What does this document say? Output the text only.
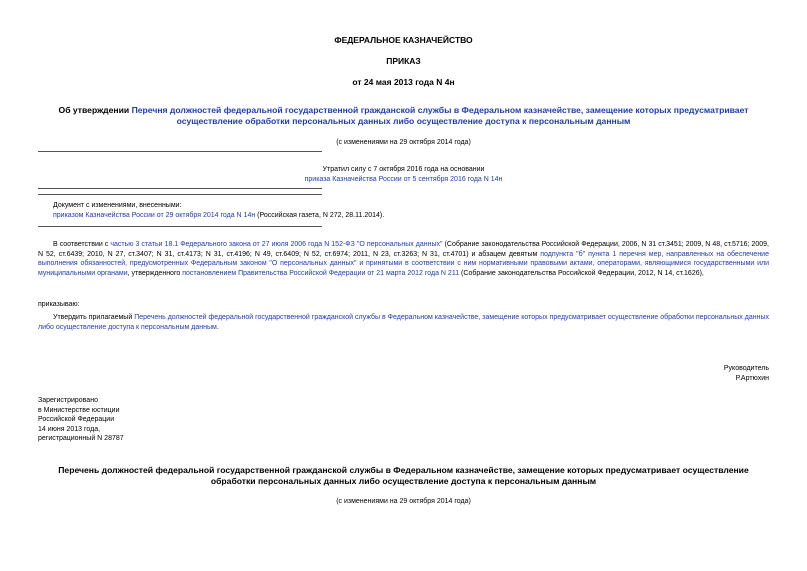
ФЕДЕРАЛЬНОЕ КАЗНАЧЕЙСТВО
ПРИКАЗ
от 24 мая 2013 года N 4н
Об утверждении Перечня должностей федеральной государственной гражданской службы в Федеральном казначействе, замещение которых предусматривает осуществление обработки персональных данных либо осуществление доступа к персональным данным
(с изменениями на 29 октября 2014 года)
Утратил силу с 7 октября 2016 года на основании
приказа Казначейства России от 5 сентября 2016 года N 14н
Документ с изменениями, внесенными:
приказом Казначейства России от 29 октября 2014 года N 14н (Российская газета, N 272, 28.11.2014).
В соответствии с частью 3 статьи 18.1 Федерального закона от 27 июля 2006 года N 152-ФЗ "О персональных данных" (Собрание законодательства Российской Федерации, 2006, N 31 ст.3451; 2009, N 48, ст.5716; 2009, N 52, ст.6439; 2010, N 27, ст.3407; N 31, ст.4173; N 31, ст.4196; N 49, ст.6409; N 52, ст.6974; 2011, N 23, ст.3263; N 31, ст.4701) и абзацем девятым подпункта "б" пункта 1 перечня мер, направленных на обеспечение выполнения обязанностей, предусмотренных Федеральным законом "О персональных данных" и принятыми в соответствии с ним нормативными правовыми актами, операторами, являющимися государственными или муниципальными органами, утвержденного постановлением Правительства Российской Федерации от 21 марта 2012 года N 211 (Собрание законодательства Российской Федерации, 2012, N 14, ст.1626),
приказываю:
Утвердить прилагаемый Перечень должностей федеральной государственной гражданской службы в Федеральном казначействе, замещение которых предусматривает осуществление обработки персональных данных либо осуществление доступа к персональным данным.
Руководитель
Р.Артюхин
Зарегистрировано
в Министерстве юстиции
Российской Федерации
14 июня 2013 года,
регистрационный N 28787
Перечень должностей федеральной государственной гражданской службы в Федеральном казначействе, замещение которых предусматривает осуществление обработки персональных данных либо осуществление доступа к персональным данным
(с изменениями на 29 октября 2014 года)
